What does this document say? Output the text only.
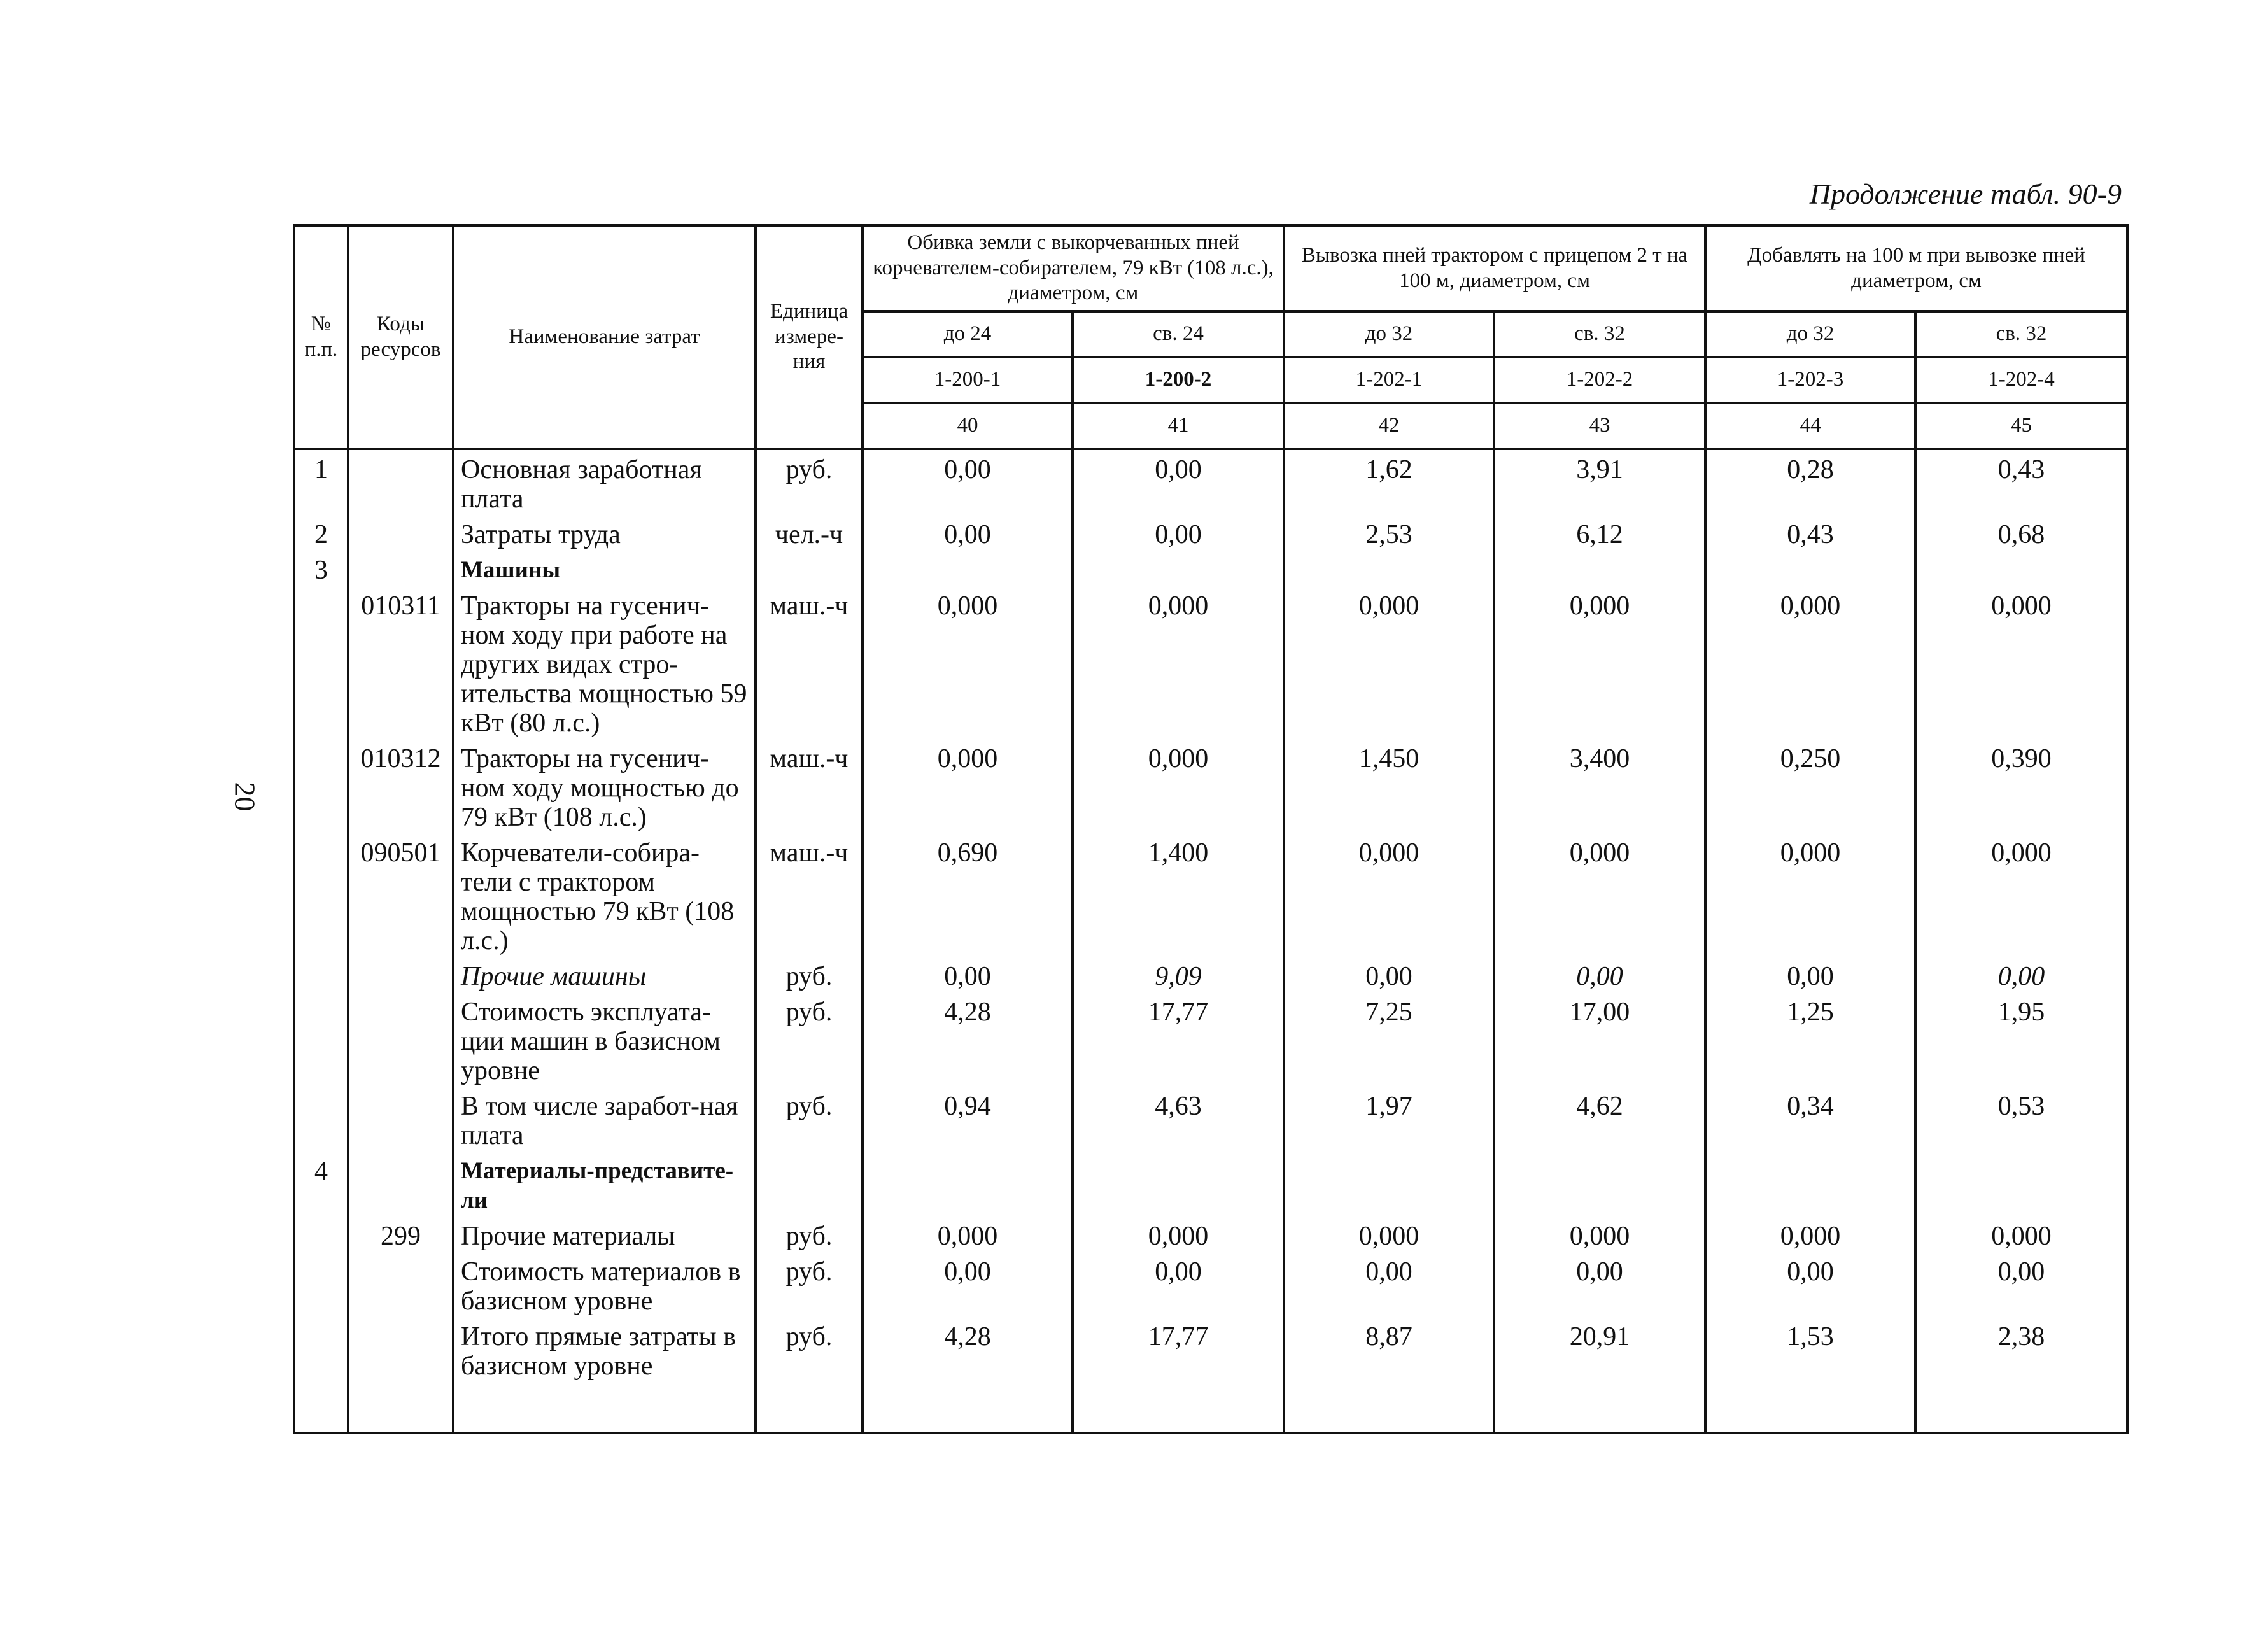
20
Продолжение табл. 90-9
№ п.п.	Коды ресурсов	Наименование затрат	Единица измере-ния	Обивка земли с выкорчеванных пней корчевателем-собирателем, 79 кВт (108 л.с.), диаметром, см		Вывозка пней трактором с прицепом 2 т на 100 м, диаметром, см		Добавлять на 100 м при вывозке пней диаметром, см	
				до 24	св. 24	до 32	св. 32	до 32	св. 32
				1-200-1	1-200-2	1-202-1	1-202-2	1-202-3	1-202-4
				40	41	42	43	44	45
1		Основная заработная плата	руб.	0,00	0,00	1,62	3,91	0,28	0,43
2		Затраты труда	чел.-ч	0,00	0,00	2,53	6,12	0,43	0,68
3		Машины							
	010311	Тракторы на гусенич-ном ходу при работе на других видах стро-ительства мощностью 59 кВт (80 л.с.)	маш.-ч	0,000	0,000	0,000	0,000	0,000	0,000
	010312	Тракторы на гусенич-ном ходу мощностью до 79 кВт (108 л.с.)	маш.-ч	0,000	0,000	1,450	3,400	0,250	0,390
	090501	Корчеватели-собира-тели с трактором мощностью 79 кВт (108 л.с.)	маш.-ч	0,690	1,400	0,000	0,000	0,000	0,000
		Прочие машины	руб.	0,00	9,09	0,00	0,00	0,00	0,00
		Стоимость эксплуата-ции машин в базисном уровне	руб.	4,28	17,77	7,25	17,00	1,25	1,95
		В том числе заработ-ная плата	руб.	0,94	4,63	1,97	4,62	0,34	0,53
4		Материалы-представите-ли							
	299	Прочие материалы	руб.	0,000	0,000	0,000	0,000	0,000	0,000
		Стоимость материалов в базисном уровне	руб.	0,00	0,00	0,00	0,00	0,00	0,00
		Итого прямые затраты в базисном уровне	руб.	4,28	17,77	8,87	20,91	1,53	2,38
